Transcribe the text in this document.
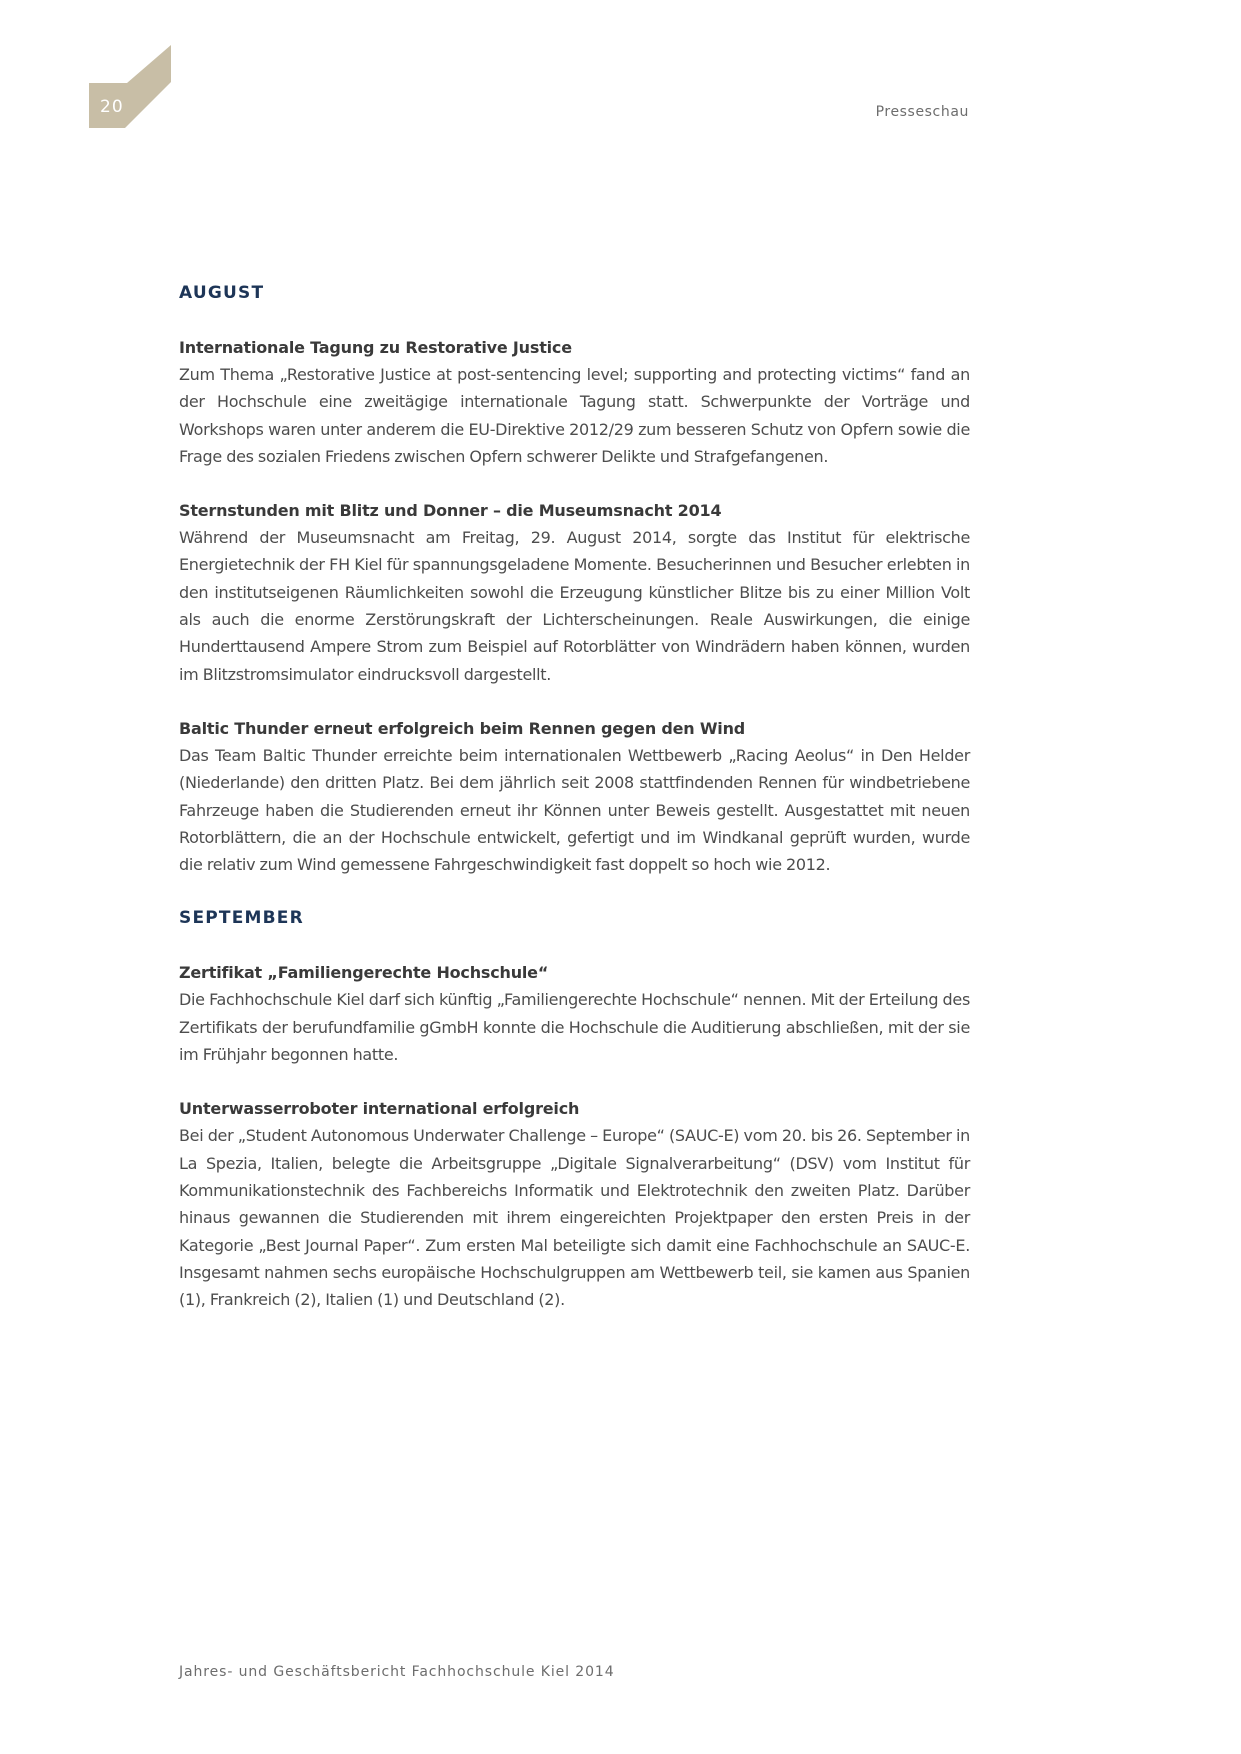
20	Presseschau
AUGUST
Internationale Tagung zu Restorative Justice

Zum Thema „Restorative Justice at post-sentencing level; supporting and protecting victims“ fand an der Hochschule eine zweitägige internationale Tagung statt. Schwerpunkte der Vorträge und Workshops waren unter anderem die EU-Direktive 2012/29 zum besseren Schutz von Opfern sowie die Frage des sozialen Friedens zwischen Opfern schwerer Delikte und Strafgefangenen.

Sternstunden mit Blitz und Donner – die Museumsnacht 2014

Während der Museumsnacht am Freitag, 29. August 2014, sorgte das Institut für elektrische Energietechnik der FH Kiel für spannungsgeladene Momente. Besucherinnen und Besucher erlebten in den institutseigenen Räumlichkeiten sowohl die Erzeugung künstlicher Blitze bis zu einer Million Volt als auch die enorme Zerstörungskraft der Lichterscheinungen. Reale Auswirkungen, die einige Hunderttausend Ampere Strom zum Beispiel auf Rotorblätter von Windrädern haben können, wurden im Blitzstromsimulator eindrucksvoll dargestellt.

Baltic Thunder erneut erfolgreich beim Rennen gegen den Wind

Das Team Baltic Thunder erreichte beim internationalen Wettbewerb „Racing Aeolus“ in Den Helder (Niederlande) den dritten Platz. Bei dem jährlich seit 2008 stattfindenden Rennen für windbetriebene Fahrzeuge haben die Studierenden erneut ihr Können unter Beweis gestellt. Ausgestattet mit neuen Rotorblättern, die an der Hochschule entwickelt, gefertigt und im Windkanal geprüft wurden, wurde die relativ zum Wind gemessene Fahrgeschwindigkeit fast doppelt so hoch wie 2012.

SEPTEMBER
Zertifikat „Familiengerechte Hochschule“

Die Fachhochschule Kiel darf sich künftig „Familiengerechte Hochschule“ nennen. Mit der Erteilung des Zertifikats der berufundfamilie gGmbH konnte die Hochschule die Auditierung abschließen, mit der sie im Frühjahr begonnen hatte.

Unterwasserroboter international erfolgreich

Bei der „Student Autonomous Underwater Challenge – Europe“ (SAUC-E) vom 20. bis 26. September in La Spezia, Italien, belegte die Arbeitsgruppe „Digitale Signalverarbeitung“ (DSV) vom Institut für Kommunikationstechnik des Fachbereichs Informatik und Elektrotechnik den zweiten Platz. Darüber hinaus gewannen die Studierenden mit ihrem eingereichten Projektpaper den ersten Preis in der Kategorie „Best Journal Paper“. Zum ersten Mal beteiligte sich damit eine Fachhochschule an SAUC-E. Insgesamt nahmen sechs europäische Hochschulgruppen am Wettbewerb teil, sie kamen aus Spanien (1), Frankreich (2), Italien (1) und Deutschland (2).

Jahres- und Geschäftsbericht Fachhochschule Kiel 2014
